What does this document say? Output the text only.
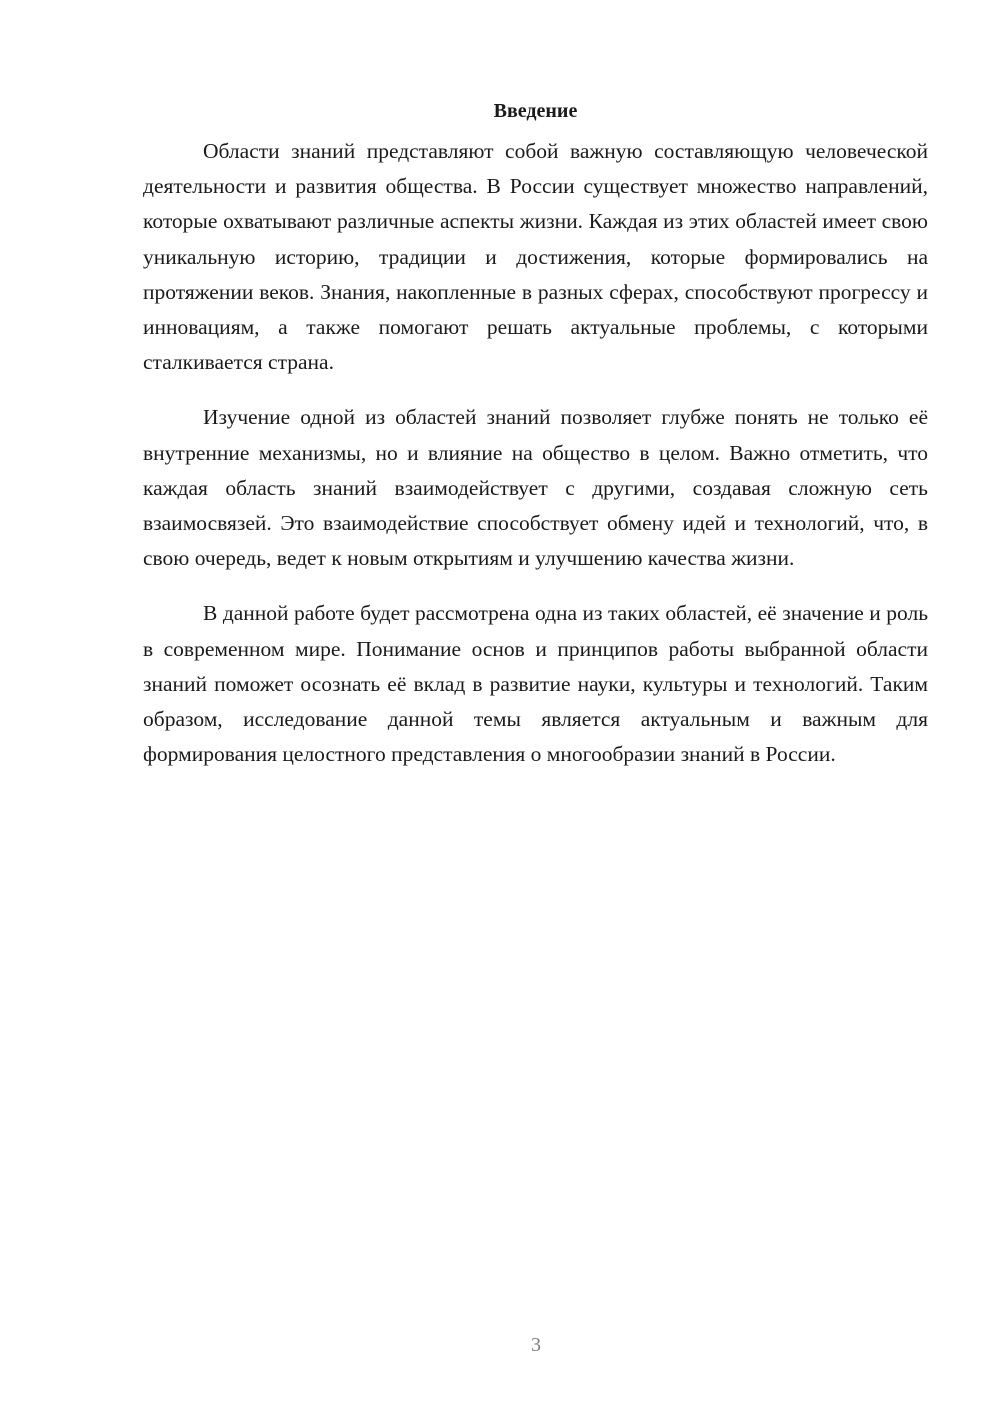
Введение

Области знаний представляют собой важную составляющую человеческой деятельности и развития общества. В России существует множество направлений, которые охватывают различные аспекты жизни. Каждая из этих областей имеет свою уникальную историю, традиции и достижения, которые формировались на протяжении веков. Знания, накопленные в разных сферах, способствуют прогрессу и инновациям, а также помогают решать актуальные проблемы, с которыми сталкивается страна.

Изучение одной из областей знаний позволяет глубже понять не только её внутренние механизмы, но и влияние на общество в целом. Важно отметить, что каждая область знаний взаимодействует с другими, создавая сложную сеть взаимосвязей. Это взаимодействие способствует обмену идей и технологий, что, в свою очередь, ведет к новым открытиям и улучшению качества жизни.

В данной работе будет рассмотрена одна из таких областей, её значение и роль в современном мире. Понимание основ и принципов работы выбранной области знаний поможет осознать её вклад в развитие науки, культуры и технологий. Таким образом, исследование данной темы является актуальным и важным для формирования целостного представления о многообразии знаний в России.

3
